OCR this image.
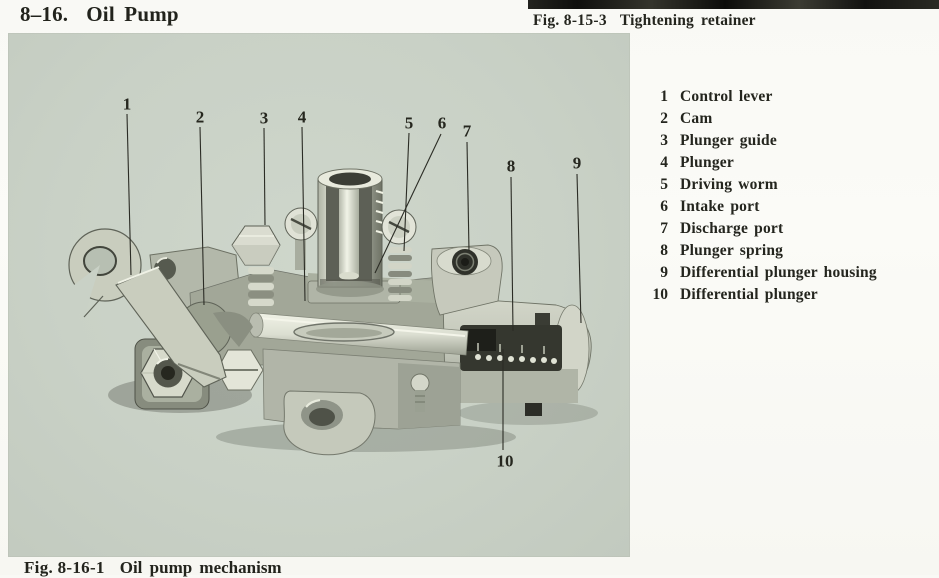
8–16. Oil Pump	Fig. 8-15-3 Tightening retainer
1
2	3 4	5 6 7
8	9
10
1 Control lever
2 Cam
3 Plunger guide
4 Plunger
5 Driving worm
6 Intake port
7 Discharge port
8 Plunger spring
9 Differential plunger housing
10 Differential plunger
Fig. 8-16-1 Oil pump mechanism
